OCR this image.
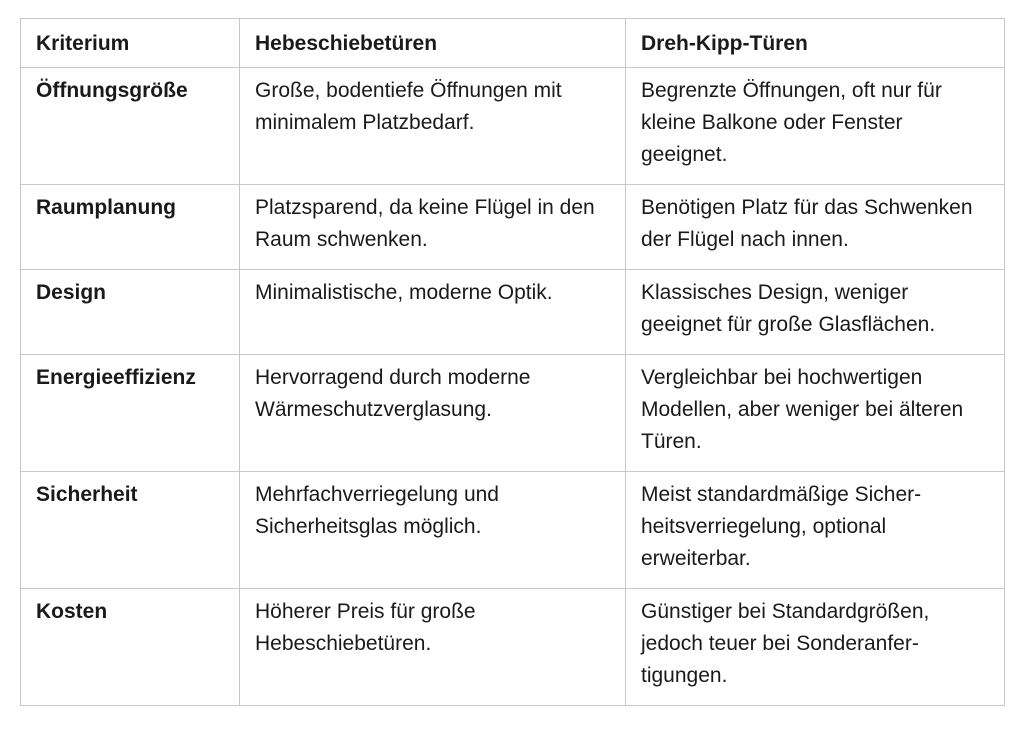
Kriterium	Hebeschiebetüren	Dreh-Kipp-Türen
Öffnungsgröße	Große, bodentiefe Öffnungen mit minimalem Platzbedarf.	Begrenzte Öffnungen, oft nur für kleine Balkone oder Fenster geeignet.
Raumplanung	Platzsparend, da keine Flügel in den Raum schwenken.	Benötigen Platz für das Schwenken der Flügel nach innen.
Design	Minimalistische, moderne Optik.	Klassisches Design, weniger geeignet für große Glasflächen.
Energieeffizienz	Hervorragend durch moderne Wärmeschutzverglasung.	Vergleichbar bei hochwertigen Modellen, aber weniger bei älteren Türen.
Sicherheit	Mehrfachverriegelung und Sicherheitsglas möglich.	Meist standardmäßige Sicherheitsverriegelung, optional erweiterbar.
Kosten	Höherer Preis für große Hebeschiebetüren.	Günstiger bei Standardgrößen, jedoch teuer bei Sonderanfertigungen.
